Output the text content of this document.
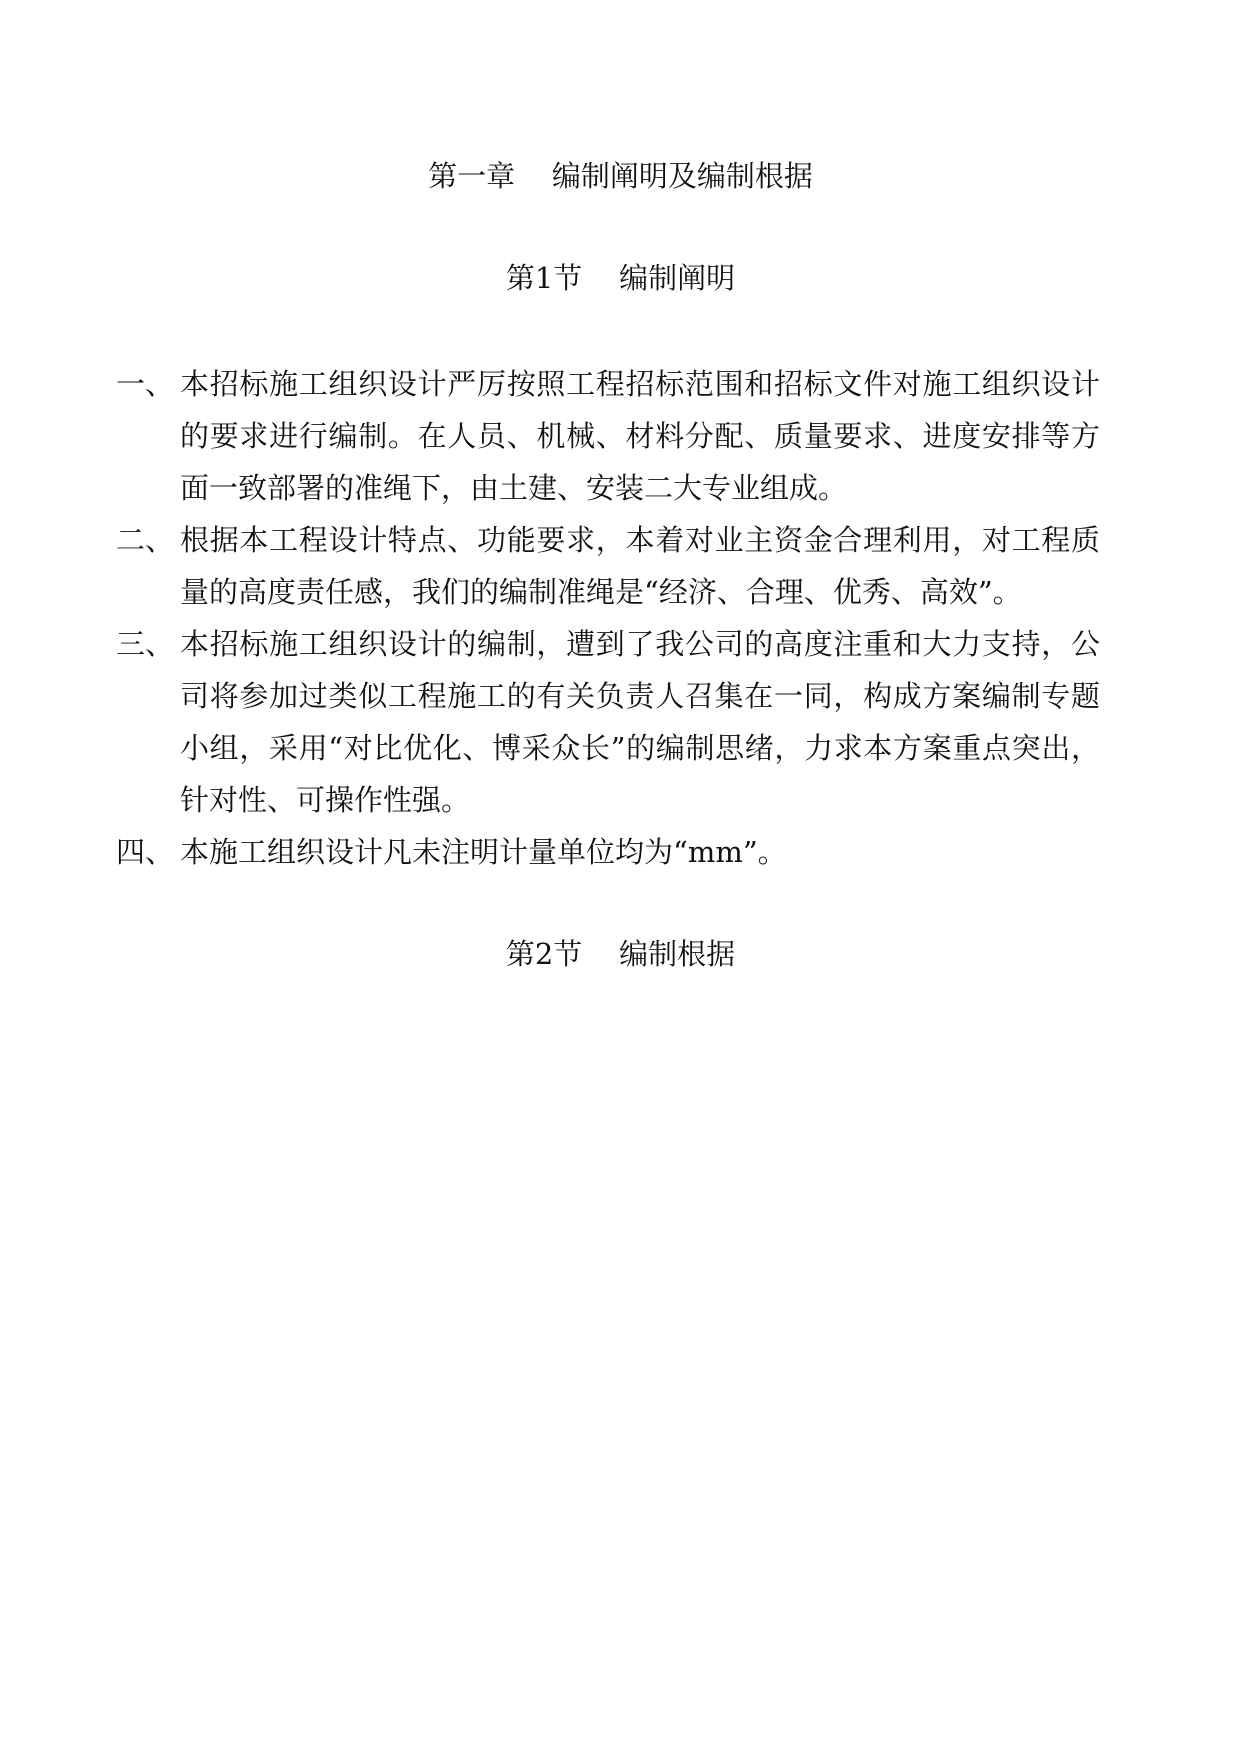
第一章    编制阐明及编制根据
第1节    编制阐明
一、 本招标施工组织设计严厉按照工程招标范围和招标文件对施工组织设计的要求进行编制。在人员、机械、材料分配、质量要求、进度安排等方面一致部署的准绳下，由土建、安装二大专业组成。
二、 根据本工程设计特点、功能要求，本着对业主资金合理利用，对工程质量的高度责任感，我们的编制准绳是“经济、合理、优秀、高效”。
三、 本招标施工组织设计的编制，遭到了我公司的高度注重和大力支持，公司将参加过类似工程施工的有关负责人召集在一同，构成方案编制专题小组，采用“对比优化、博采众长”的编制思绪，力求本方案重点突出，针对性、可操作性强。
四、 本施工组织设计凡未注明计量单位均为“mm”。
第2节    编制根据
